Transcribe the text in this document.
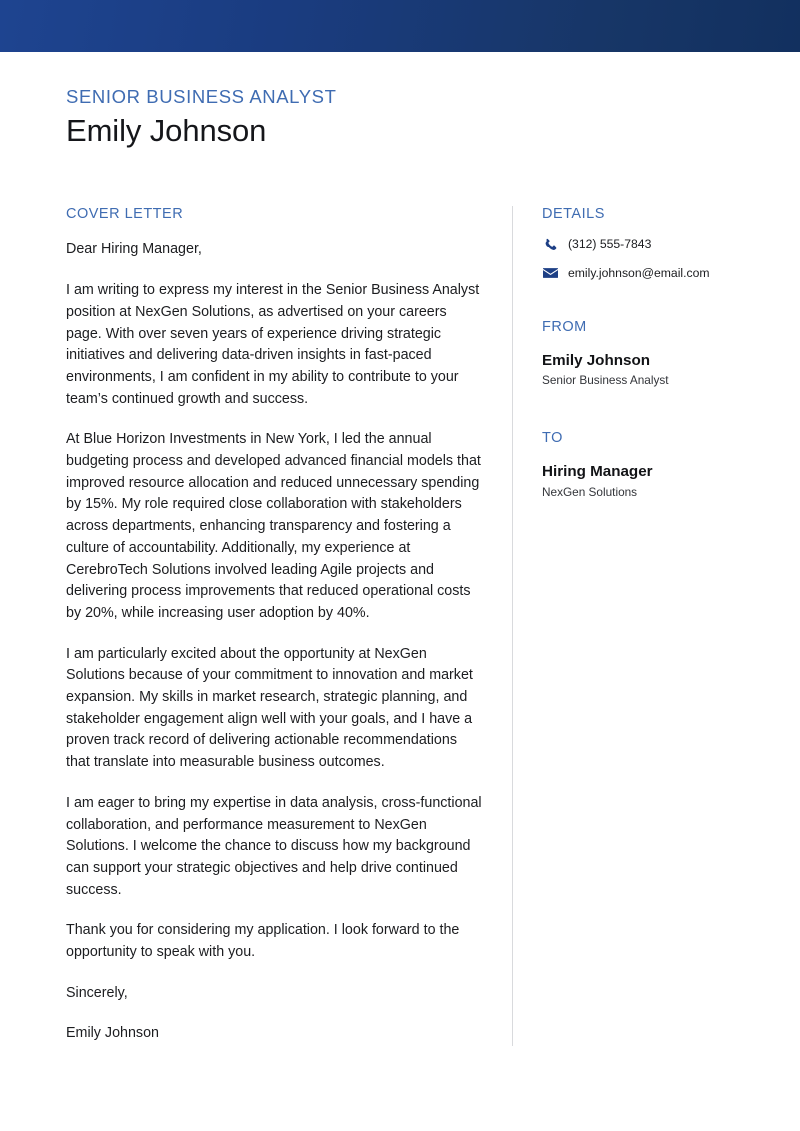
SENIOR BUSINESS ANALYST
Emily Johnson
COVER LETTER

Dear Hiring Manager,

I am writing to express my interest in the Senior Business Analyst position at NexGen Solutions, as advertised on your careers page. With over seven years of experience driving strategic initiatives and delivering data-driven insights in fast-paced environments, I am confident in my ability to contribute to your team’s continued growth and success.

At Blue Horizon Investments in New York, I led the annual budgeting process and developed advanced financial models that improved resource allocation and reduced unnecessary spending by 15%. My role required close collaboration with stakeholders across departments, enhancing transparency and fostering a culture of accountability. Additionally, my experience at CerebroTech Solutions involved leading Agile projects and delivering process improvements that reduced operational costs by 20%, while increasing user adoption by 40%.

I am particularly excited about the opportunity at NexGen Solutions because of your commitment to innovation and market expansion. My skills in market research, strategic planning, and stakeholder engagement align well with your goals, and I have a proven track record of delivering actionable recommendations that translate into measurable business outcomes.

I am eager to bring my expertise in data analysis, cross-functional collaboration, and performance measurement to NexGen Solutions. I welcome the chance to discuss how my background can support your strategic objectives and help drive continued success.

Thank you for considering my application. I look forward to the opportunity to speak with you.

Sincerely,

Emily Johnson

DETAILS
(312) 555-7843
emily.johnson@email.com
FROM
Emily Johnson
Senior Business Analyst
TO
Hiring Manager
NexGen Solutions
